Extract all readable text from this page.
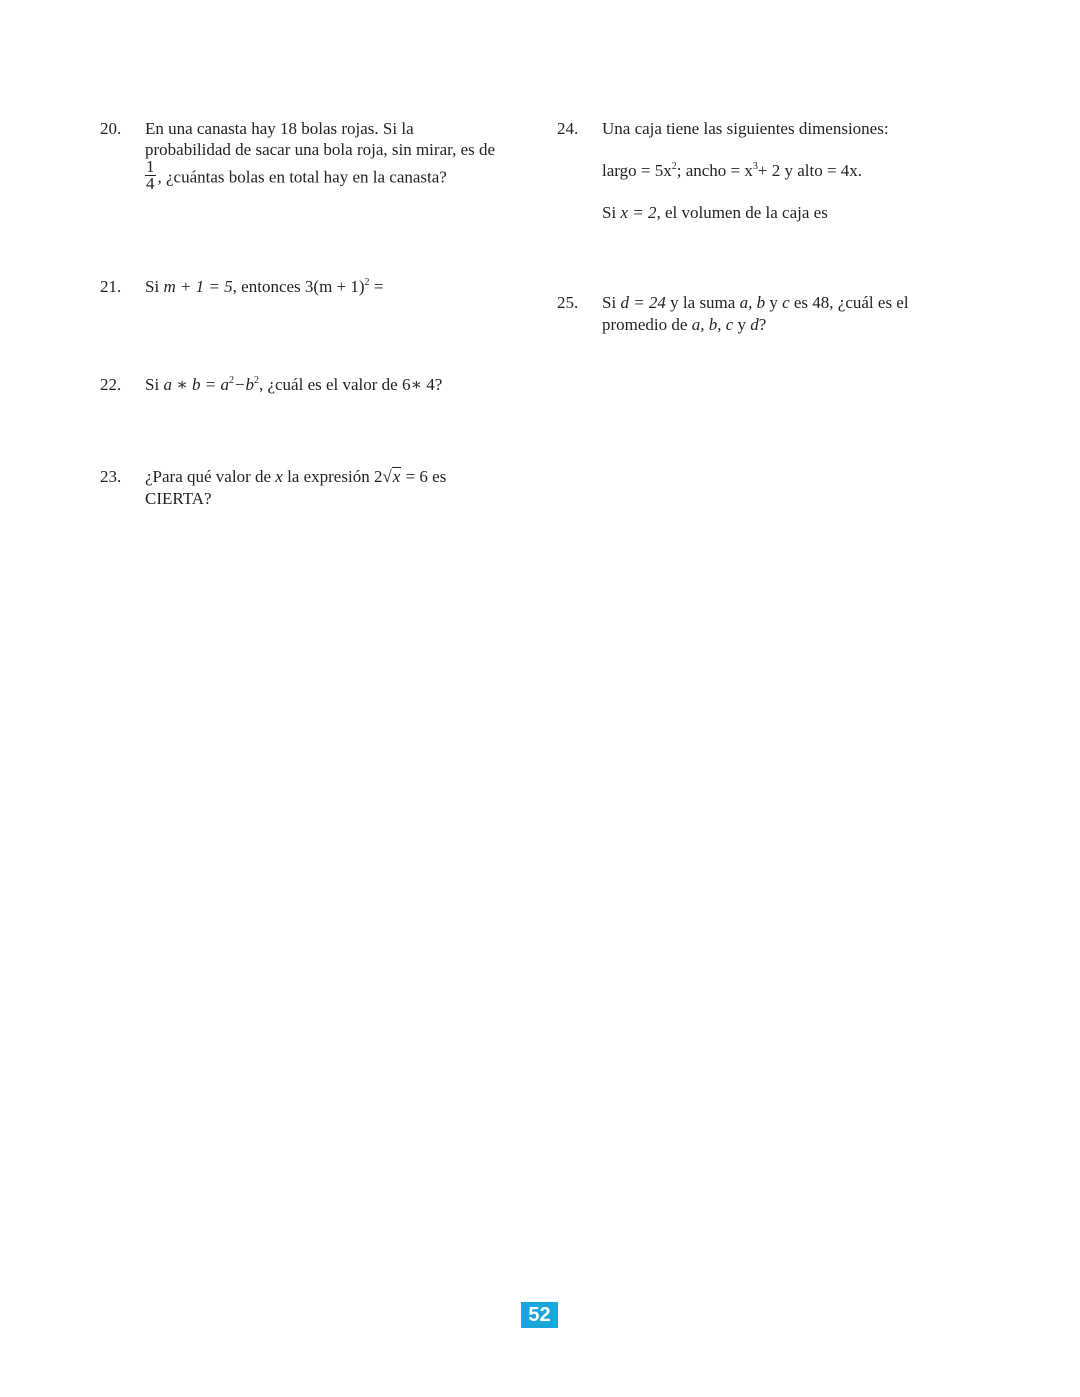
20. En una canasta hay 18 bolas rojas. Si la
probabilidad de sacar una bola roja, sin mirar, es de
$\frac{1}{4}$ , ¿cuántas bolas en total hay en la canasta?
21. Si m + 1 = 5, entonces $3(m + 1)^2$ =
22. Si a ∗ $b = a^2-b^2$, ¿cuál es el valor de 6∗ 4?
23. ¿Para qué valor de x la expresión 2√x = 6 es
CIERTA?
24. Una caja tiene las siguientes dimensiones:
largo = $5x^2$; ancho = $x^3+ 2$ y alto = 4x.
Si x = 2, el volumen de la caja es
25. Si d = 24 y la suma a, b y c es 48, ¿cuál es el
promedio de a, b, c y d?
52
